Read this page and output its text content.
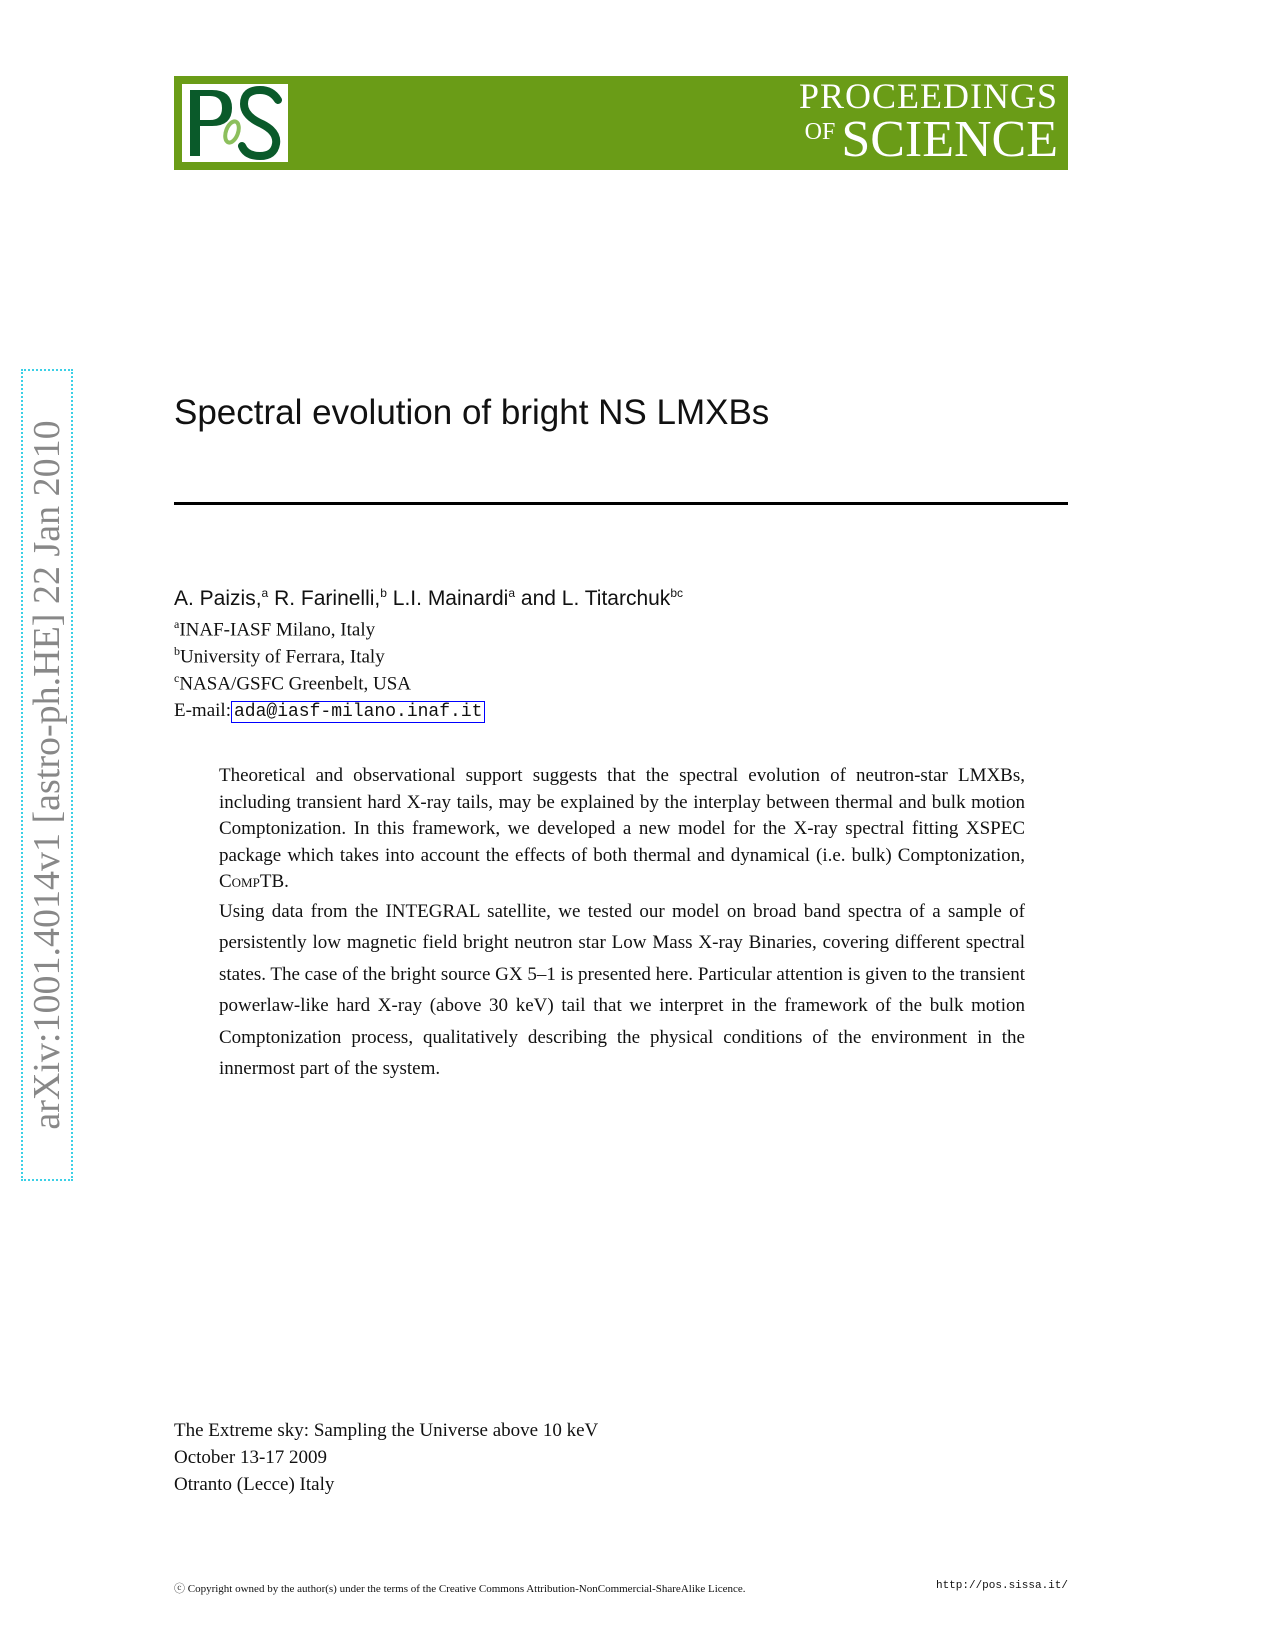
PROCEEDINGS
$^{OF}$ SCIENCE
arXiv:1001.4014v1 [astro-ph.HE] 22 Jan 2010
Spectral evolution of bright NS LMXBs
A. Paizis,$^a$ R. Farinelli,$^b$ L.I. Mainardi$^a$ and L. Titarchuk$^{bc}$
$^a$INAF-IASF Milano, Italy
$^b$University of Ferrara, Italy
$^c$NASA/GSFC Greenbelt, USA
E-mail: ada@iasf-milano.inaf.it

Theoretical and observational support suggests that the spectral evolution of neutron-star LMXBs, including transient hard X-ray tails, may be explained by the interplay between thermal and bulk motion Comptonization. In this framework, we developed a new model for the X-ray spectral fitting XSPEC package which takes into account the effects of both thermal and dynamical (i.e. bulk) Comptonization, CompTB.

Using data from the INTEGRAL satellite, we tested our model on broad band spectra of a sample of persistently low magnetic field bright neutron star Low Mass X-ray Binaries, covering different spectral states. The case of the bright source GX 5–1 is presented here. Particular attention is given to the transient powerlaw-like hard X-ray (above 30 keV) tail that we interpret in the framework of the bulk motion Comptonization process, qualitatively describing the physical conditions of the environment in the innermost part of the system.

The Extreme sky: Sampling the Universe above 10 keV
October 13-17 2009
Otranto (Lecce) Italy
ⓒ Copyright owned by the author(s) under the terms of the Creative Commons Attribution-NonCommercial-ShareAlike Licence.	http://pos.sissa.it/
